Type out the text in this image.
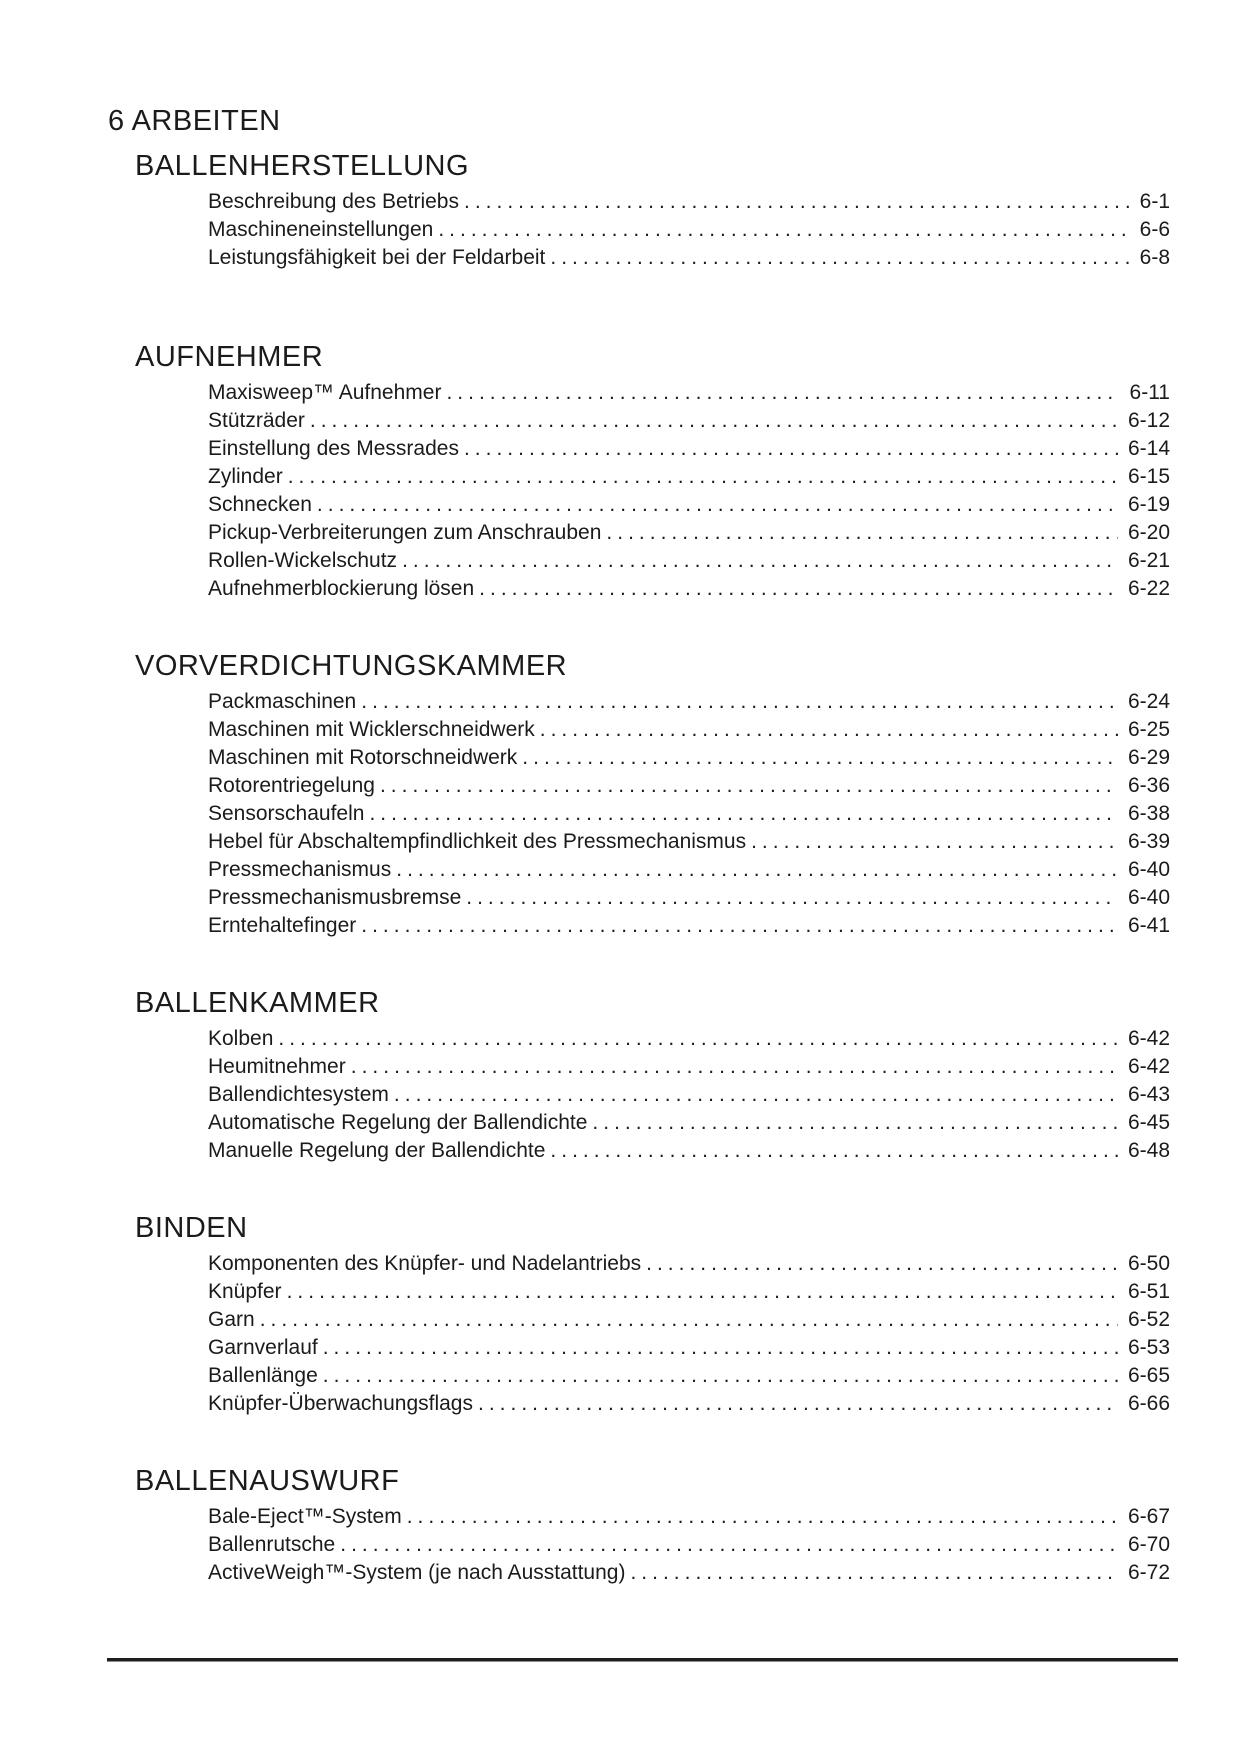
6 ARBEITEN
BALLENHERSTELLUNG
Beschreibung des Betriebs .....	6-1
Maschineneinstellungen .....	6-6
Leistungsfähigkeit bei der Feldarbeit .....	6-8
AUFNEHMER
Maxisweep™ Aufnehmer .....	6-11
Stützräder .....	6-12
Einstellung des Messrades .....	6-14
Zylinder .....	6-15
Schnecken .....	6-19
Pickup-Verbreiterungen zum Anschrauben .....	6-20
Rollen-Wickelschutz .....	6-21
Aufnehmerblockierung lösen .....	6-22
VORVERDICHTUNGSKAMMER
Packmaschinen .....	6-24
Maschinen mit Wicklerschneidwerk .....	6-25
Maschinen mit Rotorschneidwerk .....	6-29
Rotorentriegelung .....	6-36
Sensorschaufeln .....	6-38
Hebel für Abschaltempfindlichkeit des Pressmechanismus .....	6-39
Pressmechanismus .....	6-40
Pressmechanismusbremse .....	6-40
Erntehaltefinger .....	6-41
BALLENKAMMER
Kolben .....	6-42
Heumitnehmer .....	6-42
Ballendichtesystem .....	6-43
Automatische Regelung der Ballendichte .....	6-45
Manuelle Regelung der Ballendichte .....	6-48
BINDEN
Komponenten des Knüpfer- und Nadelantriebs .....	6-50
Knüpfer .....	6-51
Garn .....	6-52
Garnverlauf .....	6-53
Ballenlänge .....	6-65
Knüpfer-Überwachungsflags .....	6-66
BALLENAUSWURF
Bale-Eject™-System .....	6-67
Ballenrutsche .....	6-70
ActiveWeigh™-System (je nach Ausstattung) .....	6-72
